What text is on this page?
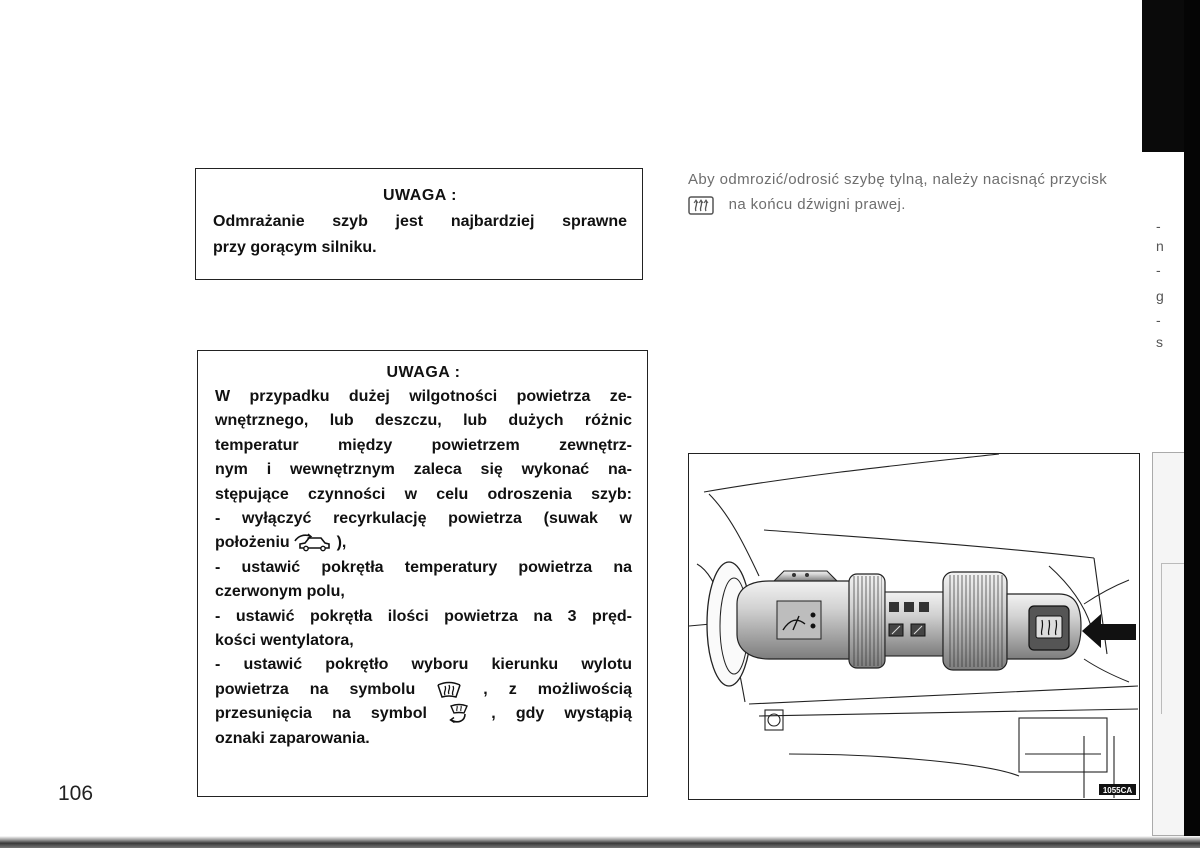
106
UWAGA :
Odmrażanie szyb jest najbardziej sprawne
przy gorącym silniku.
UWAGA :
W przypadku dużej wilgotności powietrza ze-
wnętrznego, lub deszczu, lub dużych różnic
temperatur między powietrzem zewnętrz-
nym i wewnętrznym zaleca się wykonać na-
stępujące czynności w celu odroszenia szyb:
- wyłączyć recyrkulację powietrza (suwak w
położeniu	),
- ustawić pokrętła temperatury powietrza na
czerwonym polu,
- ustawić pokrętła ilości powietrza na 3 pręd-
kości wentylatora,
- ustawić pokrętło wyboru kierunku wylotu
powietrza na symbolu	, z możliwością
przesunięcia na symbol	, gdy wystąpią
oznaki zaparowania.
Aby odmrozić/odrosić szybę tylną, należy nacisnąć przycisk
na końcu dźwigni prawej.
1055CA
-
n
-
g
-
s
